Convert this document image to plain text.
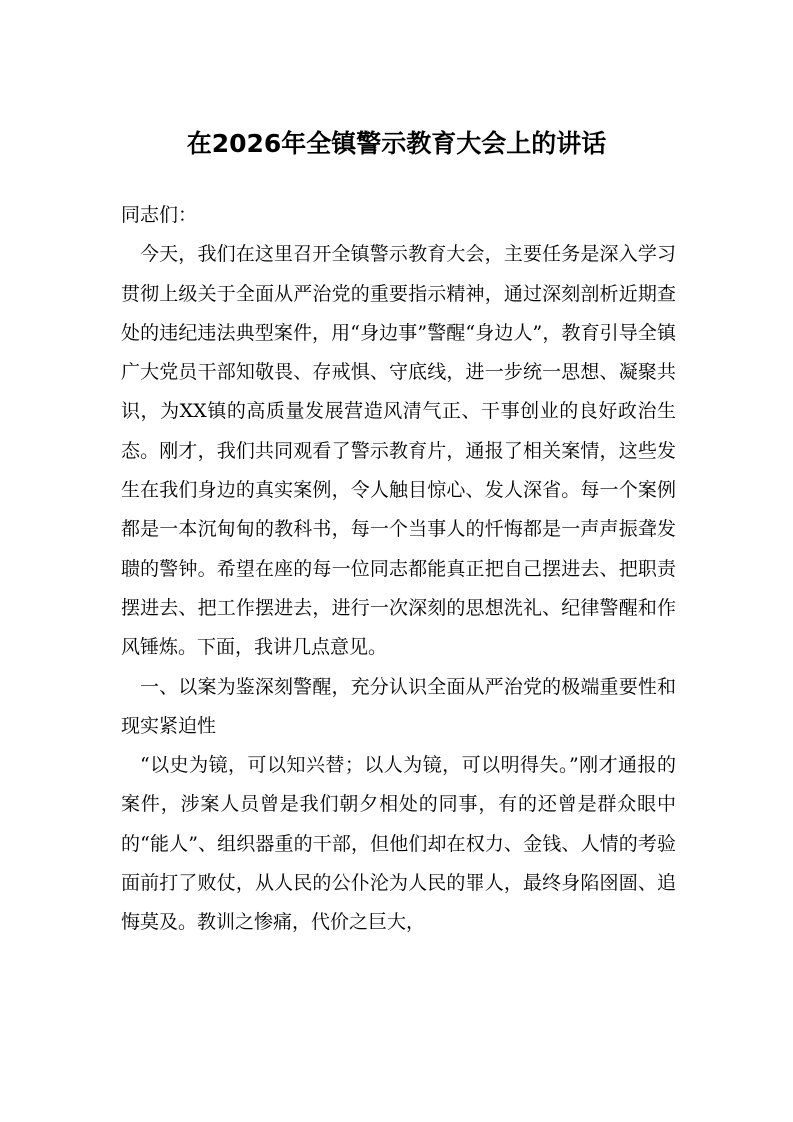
在2026年全镇警示教育大会上的讲话

同志们：

今天，我们在这里召开全镇警示教育大会，主要任务是深入学习贯彻上级关于全面从严治党的重要指示精神，通过深刻剖析近期查处的违纪违法典型案件，用“身边事”警醒“身边人”，教育引导全镇广大党员干部知敬畏、存戒惧、守底线，进一步统一思想、凝聚共识，为XX镇的高质量发展营造风清气正、干事创业的良好政治生态。刚才，我们共同观看了警示教育片，通报了相关案情，这些发生在我们身边的真实案例，令人触目惊心、发人深省。每一个案例都是一本沉甸甸的教科书，每一个当事人的忏悔都是一声声振聋发聩的警钟。希望在座的每一位同志都能真正把自己摆进去、把职责摆进去、把工作摆进去，进行一次深刻的思想洗礼、纪律警醒和作风锤炼。下面，我讲几点意见。

一、以案为鉴深刻警醒，充分认识全面从严治党的极端重要性和现实紧迫性

“以史为镜，可以知兴替；以人为镜，可以明得失。”刚才通报的案件，涉案人员曾是我们朝夕相处的同事，有的还曾是群众眼中的“能人”、组织器重的干部，但他们却在权力、金钱、人情的考验面前打了败仗，从人民的公仆沦为人民的罪人，最终身陷囹圄、追悔莫及。教训之惨痛，代价之巨大，
